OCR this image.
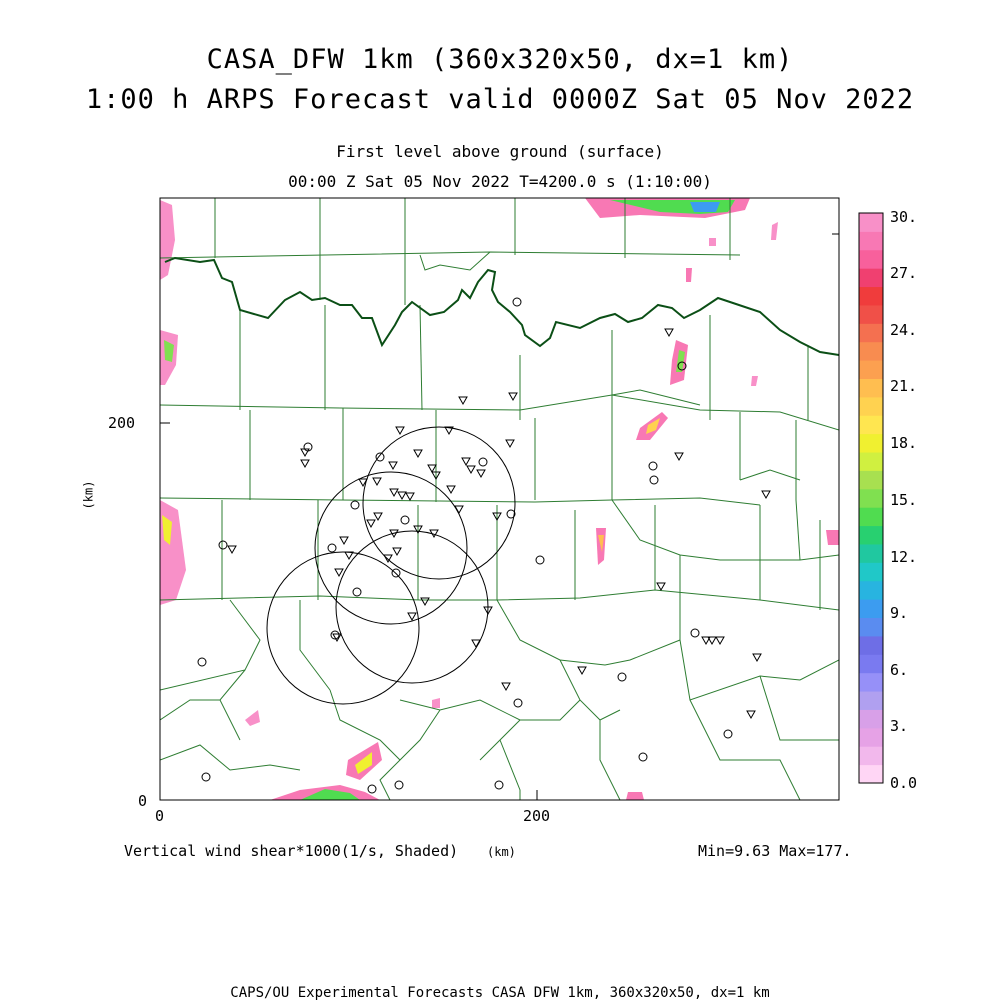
CASA_DFW 1km (360x320x50, dx=1 km)
1:00 h ARPS Forecast valid 0000Z Sat 05 Nov 2022
First level above ground (surface)
00:00 Z Sat 05 Nov 2022 T=4200.0 s (1:10:00)
200
0
0	200
(km)
(km)
30.
27.
24.
21.
18.
15.
12.
9.
6.
3.
0.0
Vertical wind shear*1000(1/s, Shaded)	Min=9.63 Max=177.
CAPS/OU Experimental Forecasts CASA DFW 1km, 360x320x50, dx=1 km
